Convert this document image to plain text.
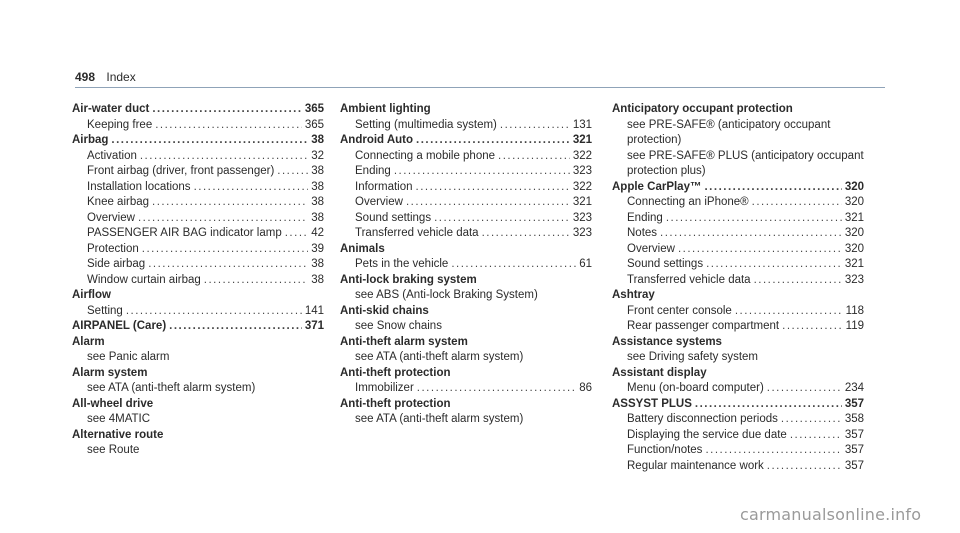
498 Index
Air-water duct .....	365
Keeping free .....	365
Airbag .....	38
Activation .....	32
Front airbag (driver, front passenger) .....	38
Installation locations .....	38
Knee airbag .....	38
Overview .....	38
PASSENGER AIR BAG indicator lamp .....	42
Protection .....	39
Side airbag .....	38
Window curtain airbag .....	38
Airflow
Setting .....	141
AIRPANEL (Care) .....	371
Alarm
see Panic alarm
Alarm system
see ATA (anti-theft alarm system)
All-wheel drive
see 4MATIC
Alternative route
see Route
Ambient lighting
Setting (multimedia system) .....	131
Android Auto .....	321
Connecting a mobile phone .....	322
Ending .....	323
Information .....	322
Overview .....	321
Sound settings .....	323
Transferred vehicle data .....	323
Animals
Pets in the vehicle .....	61
Anti-lock braking system
see ABS (Anti-lock Braking System)
Anti-skid chains
see Snow chains
Anti-theft alarm system
see ATA (anti-theft alarm system)
Anti-theft protection
Immobilizer .....	86
Anti-theft protection
see ATA (anti-theft alarm system)
Anticipatory occupant protection
see PRE-SAFE® (anticipatory occupant protection)
see PRE-SAFE® PLUS (anticipatory occupant protection plus)
Apple CarPlay™ .....	320
Connecting an iPhone® .....	320
Ending .....	321
Notes .....	320
Overview .....	320
Sound settings .....	321
Transferred vehicle data .....	323
Ashtray
Front center console .....	118
Rear passenger compartment .....	119
Assistance systems
see Driving safety system
Assistant display
Menu (on-board computer) .....	234
ASSYST PLUS .....	357
Battery disconnection periods .....	358
Displaying the service due date .....	357
Function/notes .....	357
Regular maintenance work .....	357
carmanualsonline.info
